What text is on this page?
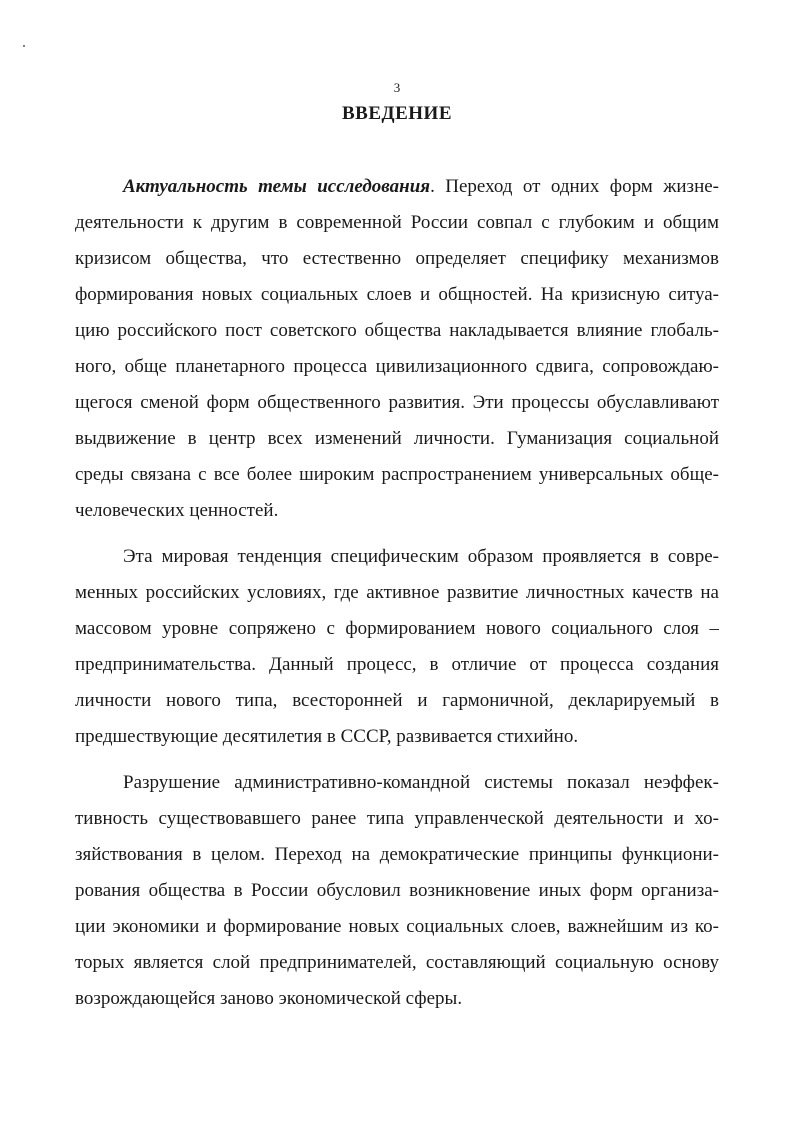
3
ВВЕДЕНИЕ
Актуальность темы исследования. Переход от одних форм жизне-
деятельности к другим в современной России совпал с глубоким и общим
кризисом общества, что естественно определяет специфику механизмов
формирования новых социальных слоев и общностей. На кризисную ситуа-
цию российского пост советского общества накладывается влияние глобаль-
ного, обще планетарного процесса цивилизационного сдвига, сопровождаю-
щегося сменой форм общественного развития. Эти процессы обуславливают
выдвижение в центр всех изменений личности. Гуманизация социальной
среды связана с все более широким распространением универсальных обще-
человеческих ценностей.
Эта мировая тенденция специфическим образом проявляется в совре-
менных российских условиях, где активное развитие личностных качеств на
массовом уровне сопряжено с формированием нового социального слоя –
предпринимательства. Данный процесс, в отличие от процесса создания
личности нового типа, всесторонней и гармоничной, декларируемый в
предшествующие десятилетия в СССР, развивается стихийно.
Разрушение административно-командной системы показал неэффек-
тивность существовавшего ранее типа управленческой деятельности и хо-
зяйствования в целом. Переход на демократические принципы функциони-
рования общества в России обусловил возникновение иных форм организа-
ции экономики и формирование новых социальных слоев, важнейшим из ко-
торых является слой предпринимателей, составляющий социальную основу
возрождающейся заново экономической сферы.
